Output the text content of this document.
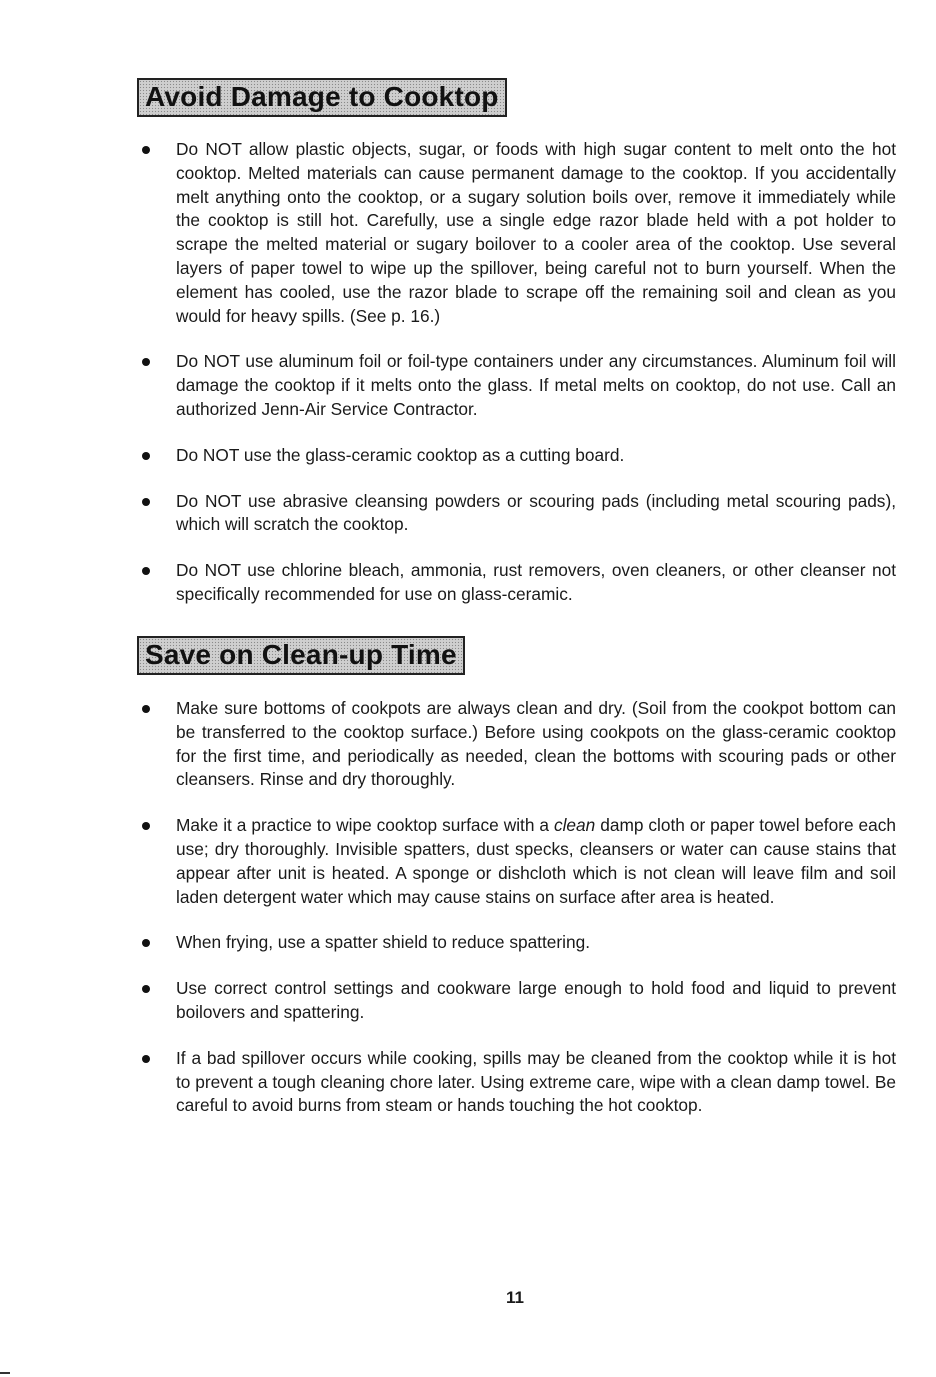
Avoid Damage to Cooktop
Do NOT allow plastic objects, sugar, or foods with high sugar content to melt onto the hot cooktop. Melted materials can cause permanent damage to the cooktop. If you accidentally melt anything onto the cooktop, or a sugary solution boils over, remove it immediately while the cooktop is still hot. Carefully, use a single edge razor blade held with a pot holder to scrape the melted material or sugary boilover to a cooler area of the cooktop. Use several layers of paper towel to wipe up the spillover, being careful not to burn yourself. When the element has cooled, use the razor blade to scrape off the remaining soil and clean as you would for heavy spills. (See p. 16.)
Do NOT use aluminum foil or foil-type containers under any circumstances. Aluminum foil will damage the cooktop if it melts onto the glass. If metal melts on cooktop, do not use. Call an authorized Jenn-Air Service Contractor.
Do NOT use the glass-ceramic cooktop as a cutting board.
Do NOT use abrasive cleansing powders or scouring pads (including metal scouring pads), which will scratch the cooktop.
Do NOT use chlorine bleach, ammonia, rust removers, oven cleaners, or other cleanser not specifically recommended for use on glass-ceramic.
Save on Clean-up Time
Make sure bottoms of cookpots are always clean and dry. (Soil from the cookpot bottom can be transferred to the cooktop surface.) Before using cookpots on the glass-ceramic cooktop for the first time, and periodically as needed, clean the bottoms with scouring pads or other cleansers. Rinse and dry thoroughly.
Make it a practice to wipe cooktop surface with a clean damp cloth or paper towel before each use; dry thoroughly. Invisible spatters, dust specks, cleansers or water can cause stains that appear after unit is heated. A sponge or dishcloth which is not clean will leave film and soil laden detergent water which may cause stains on surface after area is heated.
When frying, use a spatter shield to reduce spattering.
Use correct control settings and cookware large enough to hold food and liquid to prevent boilovers and spattering.
If a bad spillover occurs while cooking, spills may be cleaned from the cooktop while it is hot to prevent a tough cleaning chore later. Using extreme care, wipe with a clean damp towel. Be careful to avoid burns from steam or hands touching the hot cooktop.
11
